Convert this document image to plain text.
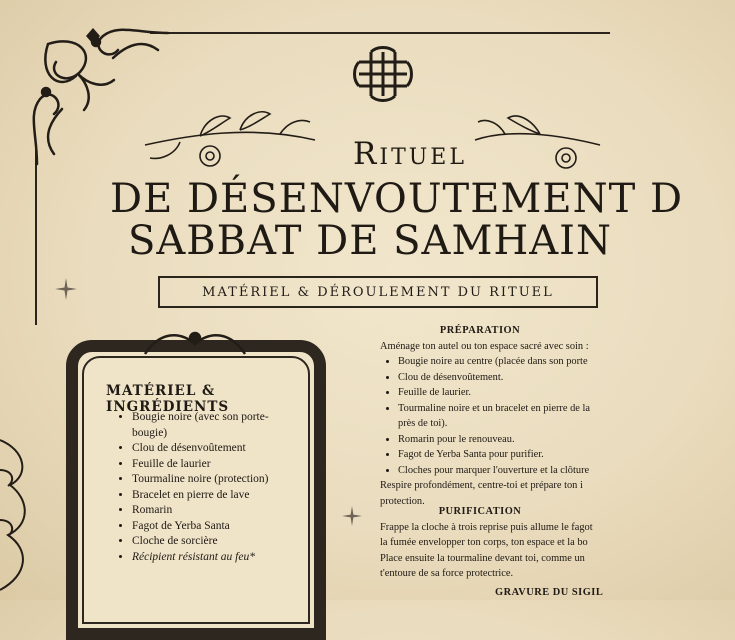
Rituel
DE DÉSENVOUTEMENT D
SABBAT DE SAMHAIN
MATÉRIEL & DÉROULEMENT DU RITUEL
MATÉRIEL & INGRÉDIENTS
• Bougie noire (avec son porte-bougie)
• Clou de désenvoûtement
• Feuille de laurier
• Tourmaline noire (protection)
• Bracelet en pierre de lave
• Romarin
• Fagot de Yerba Santa
• Cloche de sorcière
• Récipient résistant au feu*
PRÉPARATION

Aménage ton autel ou ton espace sacré avec soin :

• Bougie noire au centre (placée dans son porte
• Clou de désenvoûtement.
• Feuille de laurier.
• Tourmaline noire et un bracelet en pierre de la près de toi).
• Romarin pour le renouveau.
• Fagot de Yerba Santa pour purifier.
• Cloches pour marquer l'ouverture et la clôture

Respire profondément, centre-toi et prépare ton i

protection.

PURIFICATION

Frappe la cloche à trois reprise puis allume le fagot

la fumée envelopper ton corps, ton espace et la bo

Place ensuite la tourmaline devant toi, comme un

t'entoure de sa force protectrice.

GRAVURE DU SIGIL
